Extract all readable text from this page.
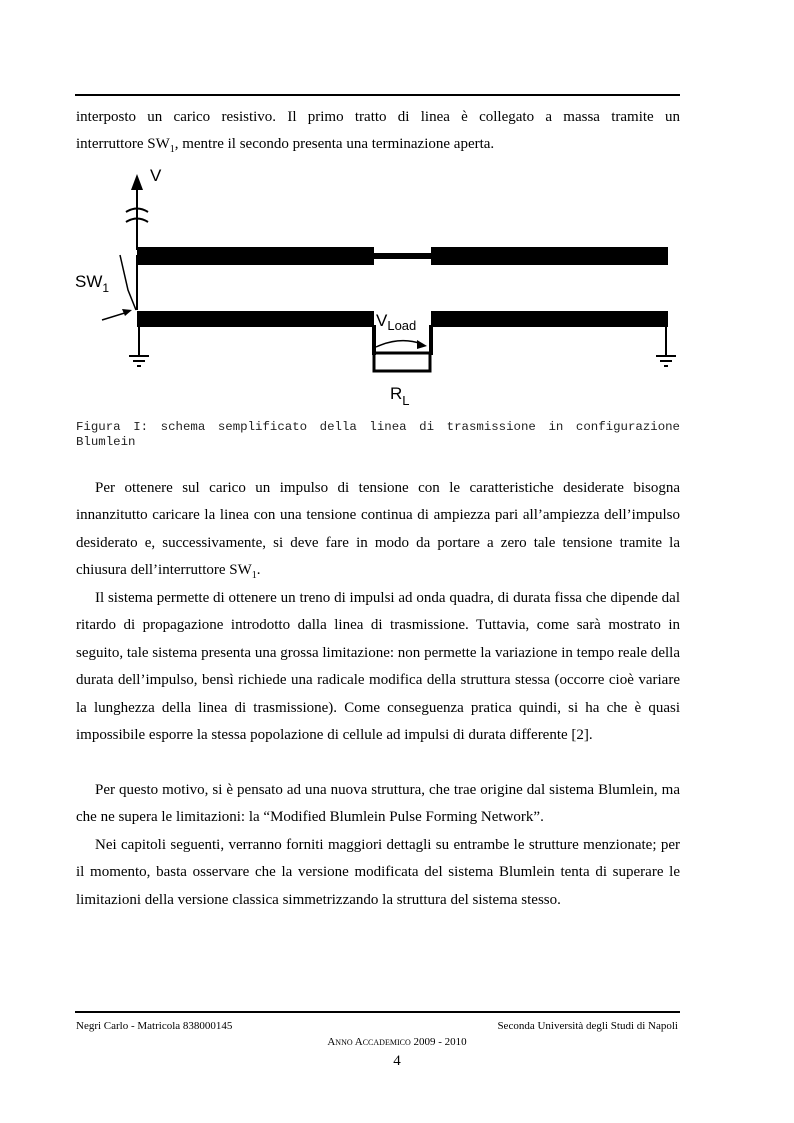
interposto un carico resistivo. Il primo tratto di linea è collegato a massa tramite un

interruttore $SW_1$, mentre il secondo presenta una terminazione aperta.

V
$SW_1$
$V_{Load}$
$R_L$

Figura I: schema semplificato della linea di trasmissione in configurazione Blumlein

Per ottenere sul carico un impulso di tensione con le caratteristiche desiderate bisogna innanzitutto caricare la linea con una tensione continua di ampiezza pari all’ampiezza dell’impulso desiderato e, successivamente, si deve fare in modo da portare a zero tale tensione tramite la chiusura dell’interruttore $SW_1$.

Il sistema permette di ottenere un treno di impulsi ad onda quadra, di durata fissa che dipende dal ritardo di propagazione introdotto dalla linea di trasmissione. Tuttavia, come sarà mostrato in seguito, tale sistema presenta una grossa limitazione: non permette la variazione in tempo reale della durata dell’impulso, bensì richiede una radicale modifica della struttura stessa (occorre cioè variare la lunghezza della linea di trasmissione). Come conseguenza pratica quindi, si ha che è quasi impossibile esporre la stessa popolazione di cellule ad impulsi di durata differente [2].

Per questo motivo, si è pensato ad una nuova struttura, che trae origine dal sistema Blumlein, ma che ne supera le limitazioni: la “Modified Blumlein Pulse Forming Network”.

Nei capitoli seguenti, verranno forniti maggiori dettagli su entrambe le strutture menzionate; per il momento, basta osservare che la versione modificata del sistema Blumlein tenta di superare le limitazioni della versione classica simmetrizzando la struttura del sistema stesso.

Negri Carlo - Matricola 838000145	Seconda Università degli Studi di Napoli
Anno Accademico 2009 - 2010
4
